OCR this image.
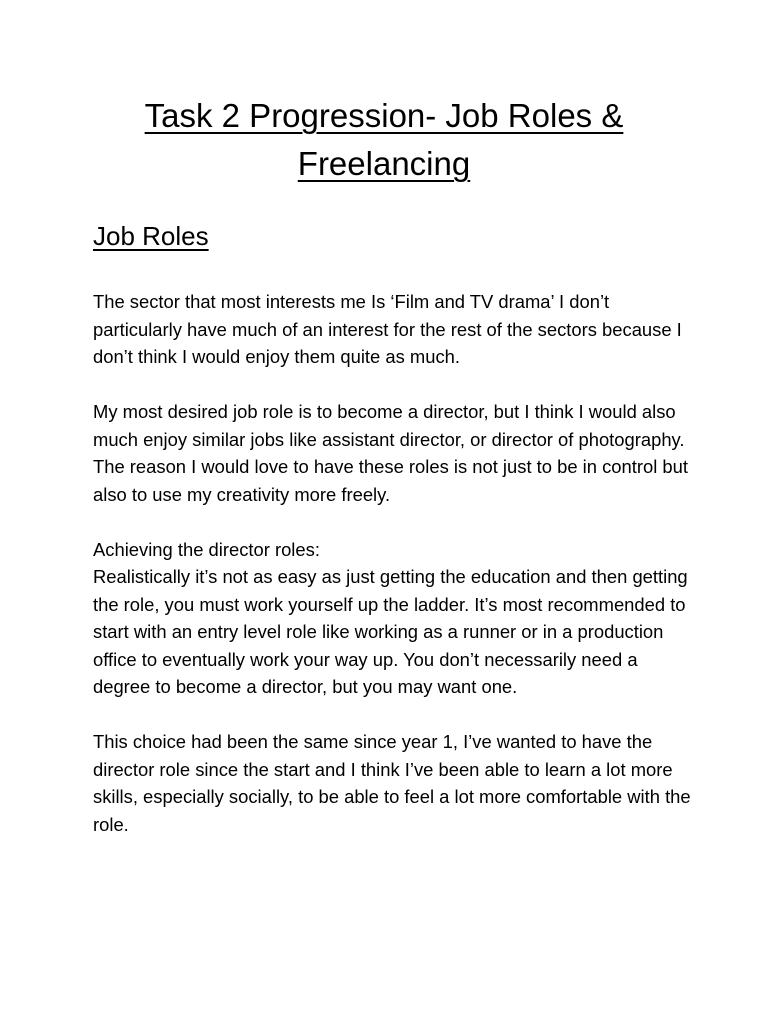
Task 2 Progression- Job Roles & Freelancing
Job Roles

The sector that most interests me Is ‘Film and TV drama’ I don’t particularly have much of an interest for the rest of the sectors because I don’t think I would enjoy them quite as much.

My most desired job role is to become a director, but I think I would also much enjoy similar jobs like assistant director, or director of photography. The reason I would love to have these roles is not just to be in control but also to use my creativity more freely.

Achieving the director roles:
Realistically it’s not as easy as just getting the education and then getting the role, you must work yourself up the ladder. It’s most recommended to start with an entry level role like working as a runner or in a production office to eventually work your way up. You don’t necessarily need a degree to become a director, but you may want one.

This choice had been the same since year 1, I’ve wanted to have the director role since the start and I think I’ve been able to learn a lot more skills, especially socially, to be able to feel a lot more comfortable with the role.
